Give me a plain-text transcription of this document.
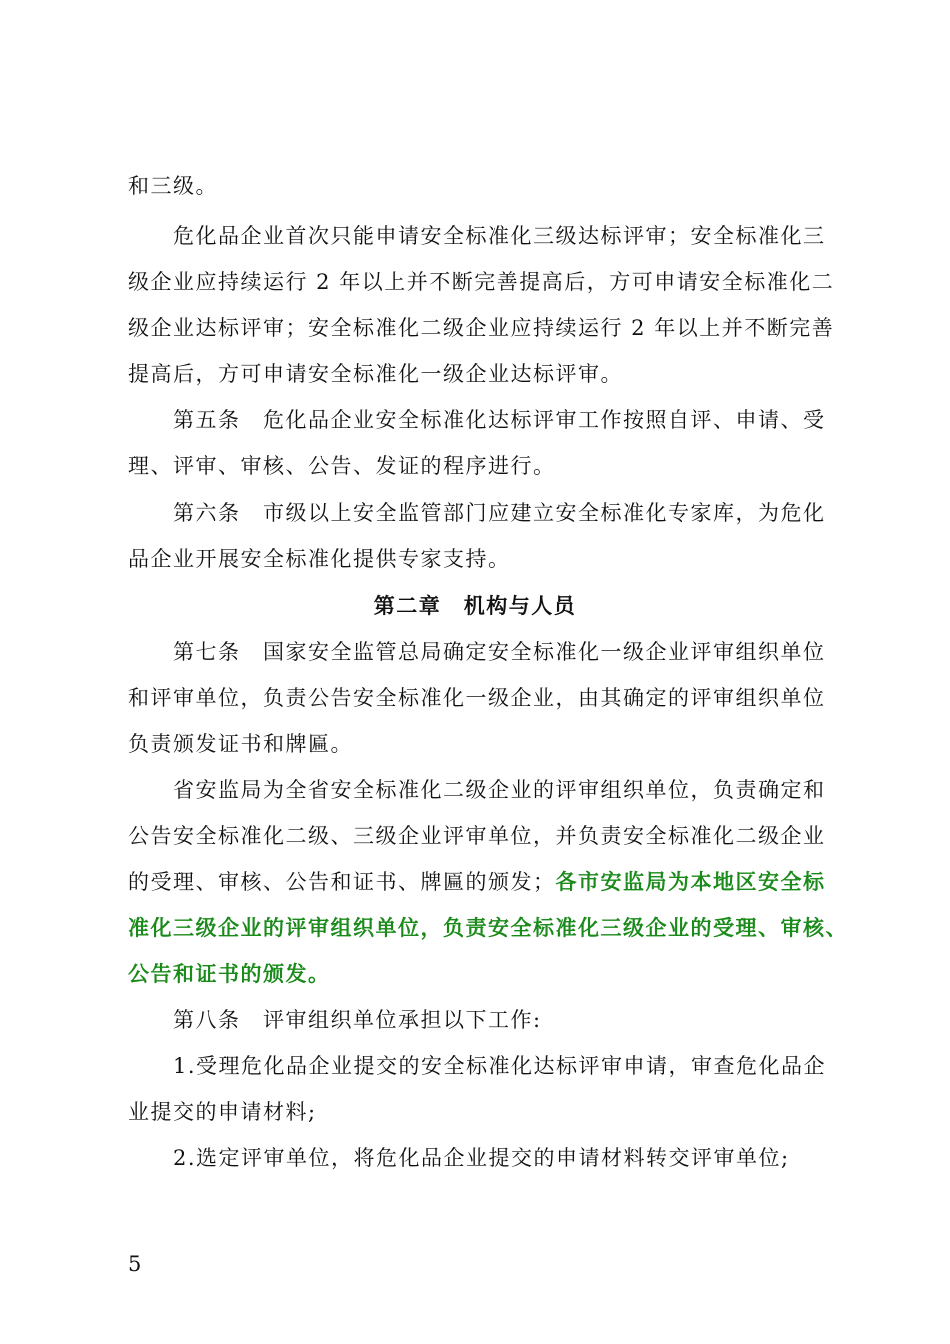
和三级。
危化品企业首次只能申请安全标准化三级达标评审；安全标准化三
级企业应持续运行 2 年以上并不断完善提高后，方可申请安全标准化二
级企业达标评审；安全标准化二级企业应持续运行 2 年以上并不断完善
提高后，方可申请安全标准化一级企业达标评审。
第五条　危化品企业安全标准化达标评审工作按照自评、申请、受
理、评审、审核、公告、发证的程序进行。
第六条　市级以上安全监管部门应建立安全标准化专家库，为危化
品企业开展安全标准化提供专家支持。
第二章　机构与人员
第七条　国家安全监管总局确定安全标准化一级企业评审组织单位
和评审单位，负责公告安全标准化一级企业，由其确定的评审组织单位
负责颁发证书和牌匾。
省安监局为全省安全标准化二级企业的评审组织单位，负责确定和
公告安全标准化二级、三级企业评审单位，并负责安全标准化二级企业
的受理、审核、公告和证书、牌匾的颁发；各市安监局为本地区安全标
准化三级企业的评审组织单位，负责安全标准化三级企业的受理、审核、
公告和证书的颁发。
第八条　评审组织单位承担以下工作:
1.受理危化品企业提交的安全标准化达标评审申请，审查危化品企
业提交的申请材料;
2.选定评审单位，将危化品企业提交的申请材料转交评审单位;
5
